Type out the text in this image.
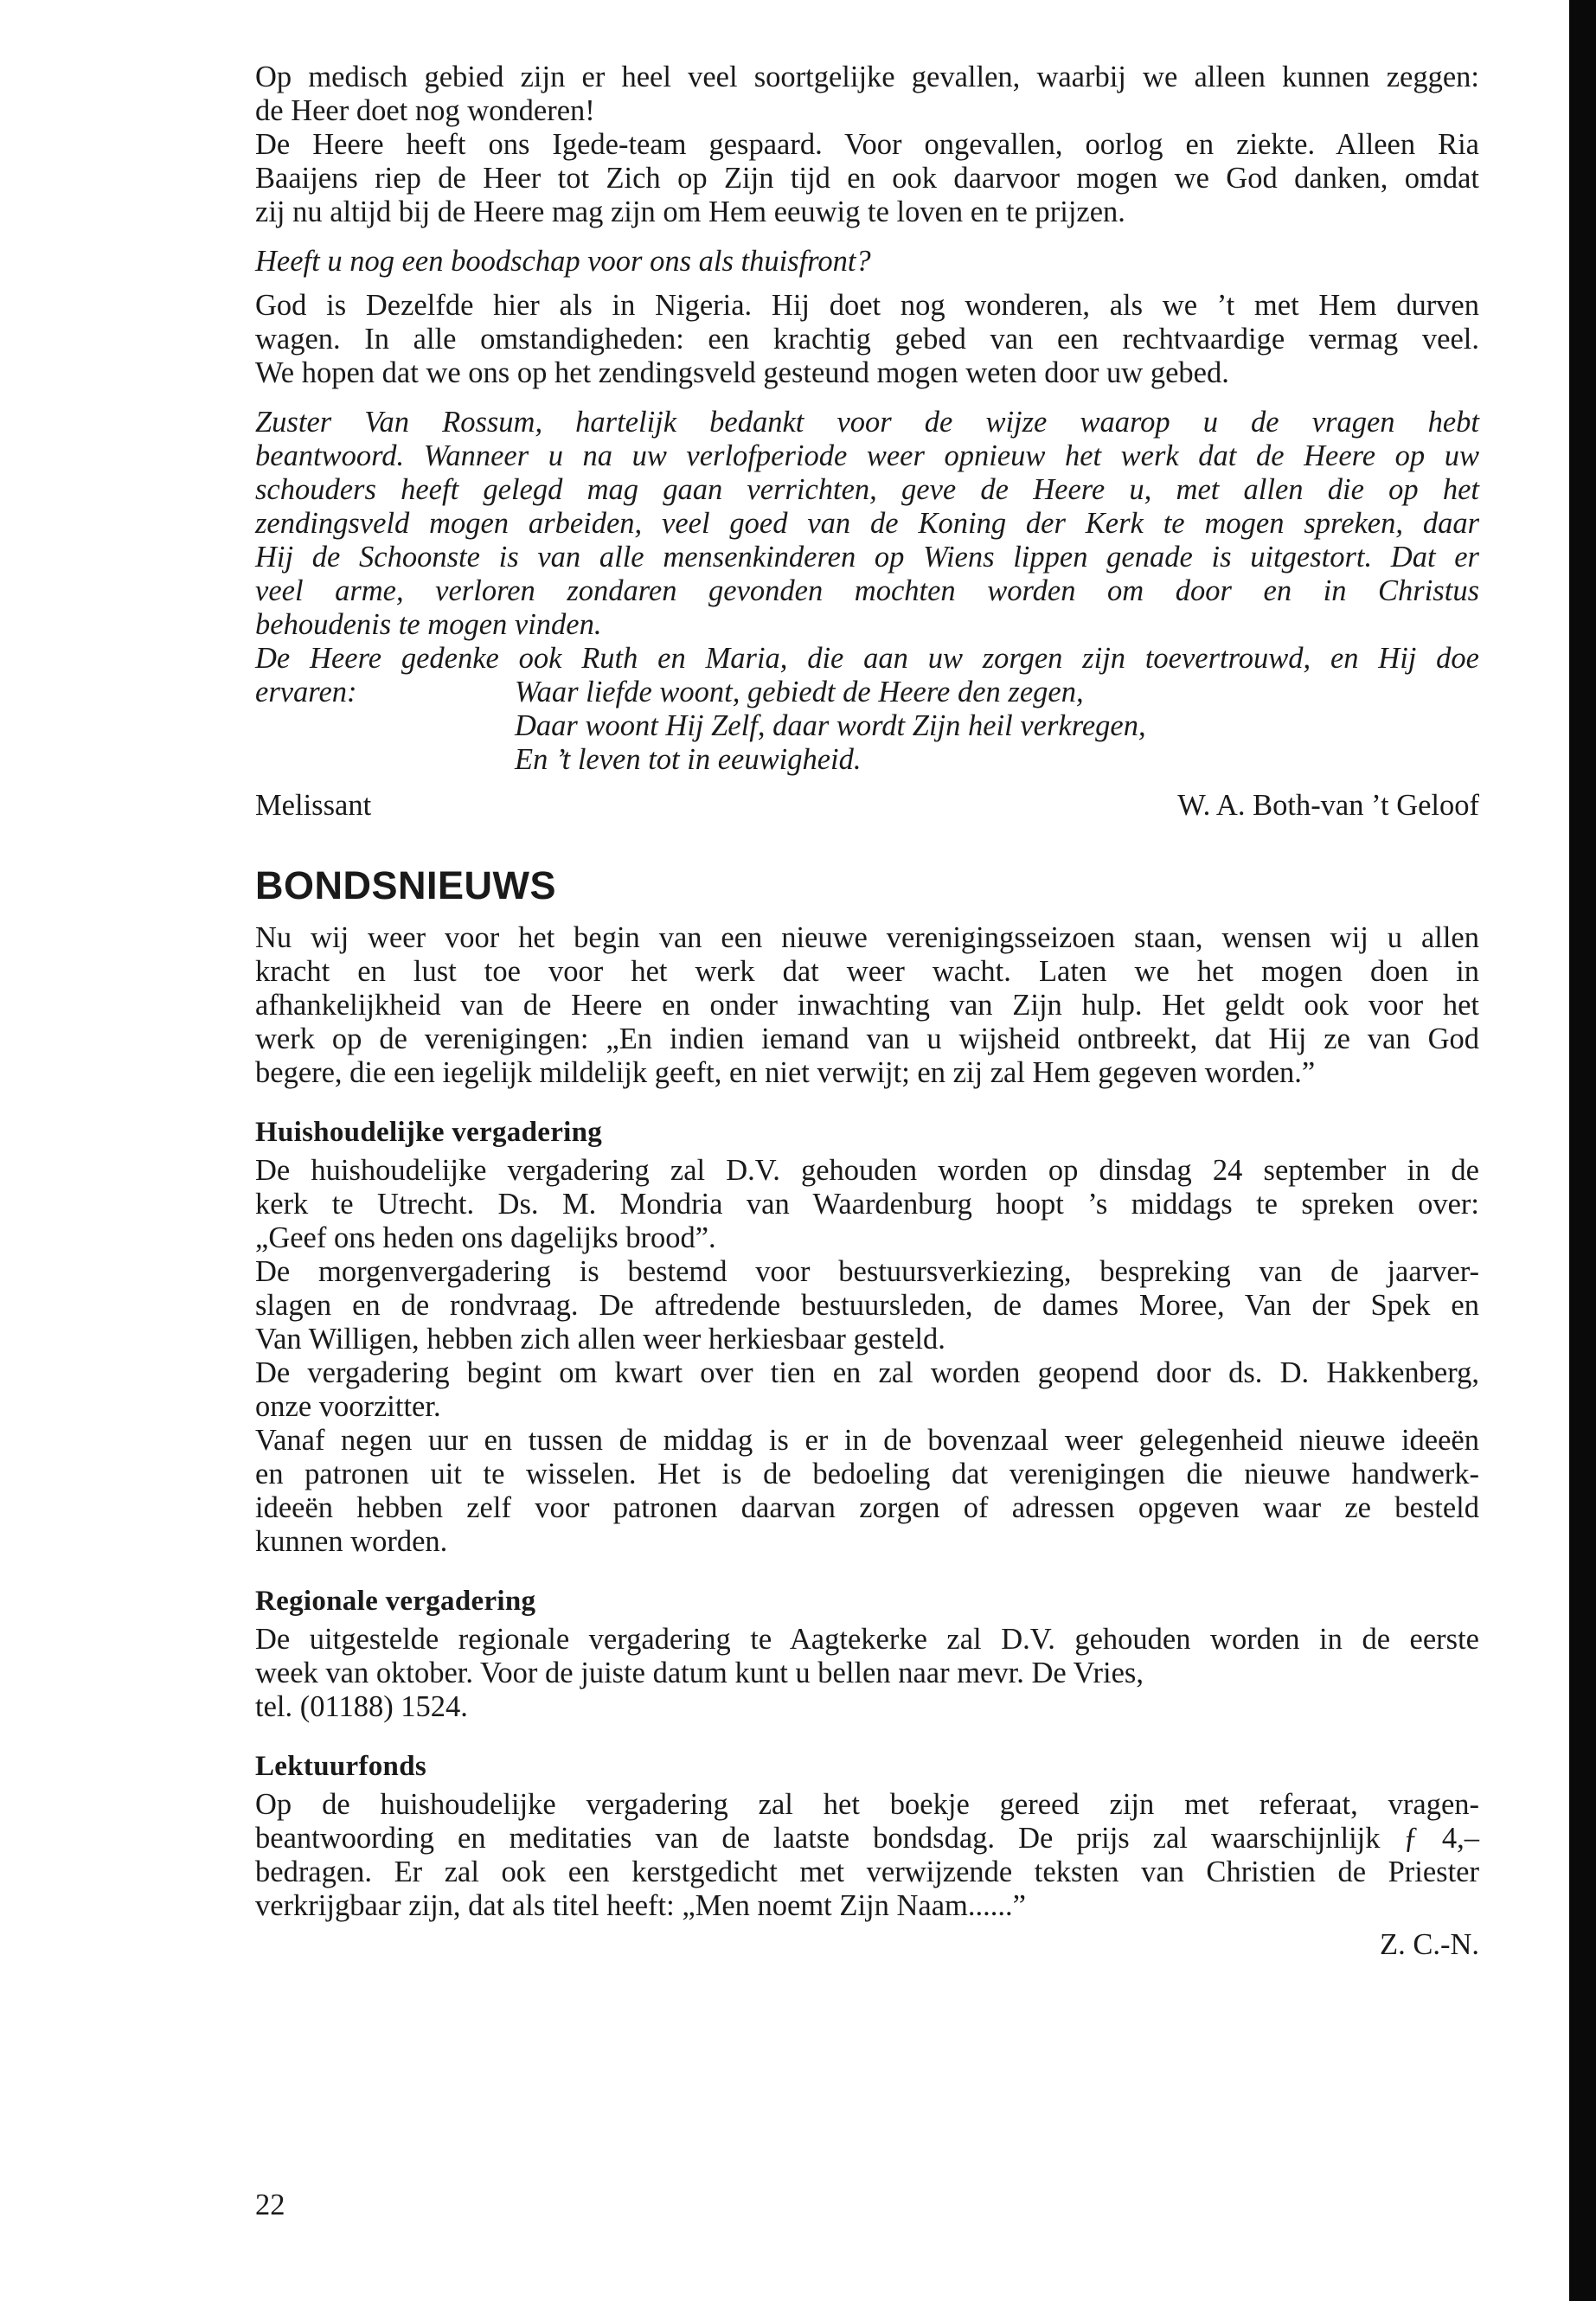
Op medisch gebied zijn er heel veel soortgelijke gevallen, waarbij we alleen kunnen zeggen:

de Heer doet nog wonderen!

De Heere heeft ons Igede-team gespaard. Voor ongevallen, oorlog en ziekte. Alleen Ria

Baaijens riep de Heer tot Zich op Zijn tijd en ook daarvoor mogen we God danken, omdat

zij nu altijd bij de Heere mag zijn om Hem eeuwig te loven en te prijzen.

Heeft u nog een boodschap voor ons als thuisfront?

God is Dezelfde hier als in Nigeria. Hij doet nog wonderen, als we ’t met Hem durven

wagen. In alle omstandigheden: een krachtig gebed van een rechtvaardige vermag veel.

We hopen dat we ons op het zendingsveld gesteund mogen weten door uw gebed.

Zuster Van Rossum, hartelijk bedankt voor de wijze waarop u de vragen hebt

beantwoord. Wanneer u na uw verlofperiode weer opnieuw het werk dat de Heere op uw

schouders heeft gelegd mag gaan verrichten, geve de Heere u, met allen die op het

zendingsveld mogen arbeiden, veel goed van de Koning der Kerk te mogen spreken, daar

Hij de Schoonste is van alle mensenkinderen op Wiens lippen genade is uitgestort. Dat er

veel arme, verloren zondaren gevonden mochten worden om door en in Christus

behoudenis te mogen vinden.

De Heere gedenke ook Ruth en Maria, die aan uw zorgen zijn toevertrouwd, en Hij doe

ervaren:	Waar liefde woont, gebiedt de Heere den zegen,
Daar woont Hij Zelf, daar wordt Zijn heil verkregen,
En ’t leven tot in eeuwigheid.
Melissant	W. A. Both-van ’t Geloof
BONDSNIEUWS

Nu wij weer voor het begin van een nieuwe verenigingsseizoen staan, wensen wij u allen

kracht en lust toe voor het werk dat weer wacht. Laten we het mogen doen in

afhankelijkheid van de Heere en onder inwachting van Zijn hulp. Het geldt ook voor het

werk op de verenigingen: „En indien iemand van u wijsheid ontbreekt, dat Hij ze van God

begere, die een iegelijk mildelijk geeft, en niet verwijt; en zij zal Hem gegeven worden.”

Huishoudelijke vergadering

De huishoudelijke vergadering zal D.V. gehouden worden op dinsdag 24 september in de

kerk te Utrecht. Ds. M. Mondria van Waardenburg hoopt ’s middags te spreken over:

„Geef ons heden ons dagelijks brood”.

De morgenvergadering is bestemd voor bestuursverkiezing, bespreking van de jaarver-

slagen en de rondvraag. De aftredende bestuursleden, de dames Moree, Van der Spek en

Van Willigen, hebben zich allen weer herkiesbaar gesteld.

De vergadering begint om kwart over tien en zal worden geopend door ds. D. Hakkenberg,

onze voorzitter.

Vanaf negen uur en tussen de middag is er in de bovenzaal weer gelegenheid nieuwe ideeën

en patronen uit te wisselen. Het is de bedoeling dat verenigingen die nieuwe handwerk-

ideeën hebben zelf voor patronen daarvan zorgen of adressen opgeven waar ze besteld

kunnen worden.

Regionale vergadering

De uitgestelde regionale vergadering te Aagtekerke zal D.V. gehouden worden in de eerste

week van oktober. Voor de juiste datum kunt u bellen naar mevr. De Vries,

tel. (01188) 1524.

Lektuurfonds

Op de huishoudelijke vergadering zal het boekje gereed zijn met referaat, vragen-

beantwoording en meditaties van de laatste bondsdag. De prijs zal waarschijnlijk ƒ 4,–

bedragen. Er zal ook een kerstgedicht met verwijzende teksten van Christien de Priester

verkrijgbaar zijn, dat als titel heeft: „Men noemt Zijn Naam......”

Z. C.-N.
22
